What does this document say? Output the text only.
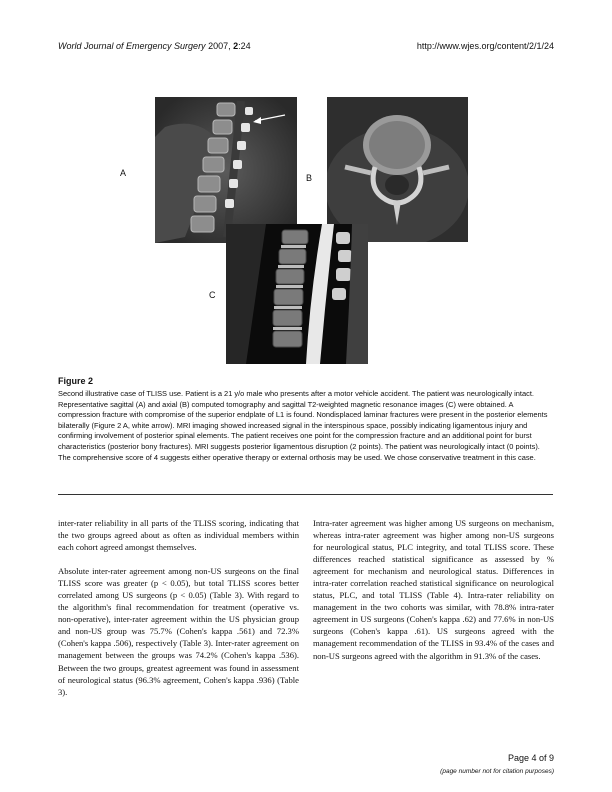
World Journal of Emergency Surgery 2007, 2:24	http://www.wjes.org/content/2/1/24
A	B
C
Figure 2
Second illustrative case of TLISS use. Patient is a 21 y/o male who presents after a motor vehicle accident. The patient was neurologically intact. Representative sagittal (A) and axial (B) computed tomography and sagittal T2-weighted magnetic resonance images (C) were obtained. A compression fracture with compromise of the superior endplate of L1 is found. Nondisplaced laminar fractures were present in the posterior elements bilaterally (Figure 2 A, white arrow). MRI imaging showed increased signal in the interspinous space, possibly indicating ligamentous injury and confirming involvement of posterior spinal elements. The patient receives one point for the compression fracture and an additional point for burst characteristics (posterior bony fractures). MRI suggests posterior ligamentous disruption (2 points). The patient was neurologically intact (0 points). The comprehensive score of 4 suggests either operative therapy or external orthosis may be used. We chose conservative treatment in this case.

inter-rater reliability in all parts of the TLISS scoring, indicating that the two groups agreed about as often as individual members within each cohort agreed amongst themselves.

Absolute inter-rater agreement among non-US surgeons on the final TLISS score was greater (p < 0.05), but total TLISS scores better correlated among US surgeons (p < 0.05) (Table 3). With regard to the algorithm's final recommendation for treatment (operative vs. non-operative), inter-rater agreement within the US physician group and non-US group was 75.7% (Cohen's kappa .561) and 72.3% (Cohen's kappa .506), respectively (Table 3). Inter-rater agreement on management between the groups was 74.2% (Cohen's kappa .536). Between the two groups, greatest agreement was found in assessment of neurological status (96.3% agreement, Cohen's kappa .936) (Table 3).

Intra-rater agreement was higher among US surgeons on mechanism, whereas intra-rater agreement was higher among non-US surgeons for neurological status, PLC integrity, and total TLISS score. These differences reached statistical significance as assessed by % agreement for mechanism and neurological status. Differences in intra-rater correlation reached statistical significance on neurological status, PLC, and total TLISS (Table 4). Intra-rater reliability on management in the two cohorts was similar, with 78.8% intra-rater agreement in US surgeons (Cohen's kappa .62) and 77.6% in non-US surgeons (Cohen's kappa .61). US surgeons agreed with the management recommendation of the TLISS in 93.4% of the cases and non-US surgeons agreed with the algorithm in 91.3% of the cases.

Page 4 of 9
(page number not for citation purposes)
